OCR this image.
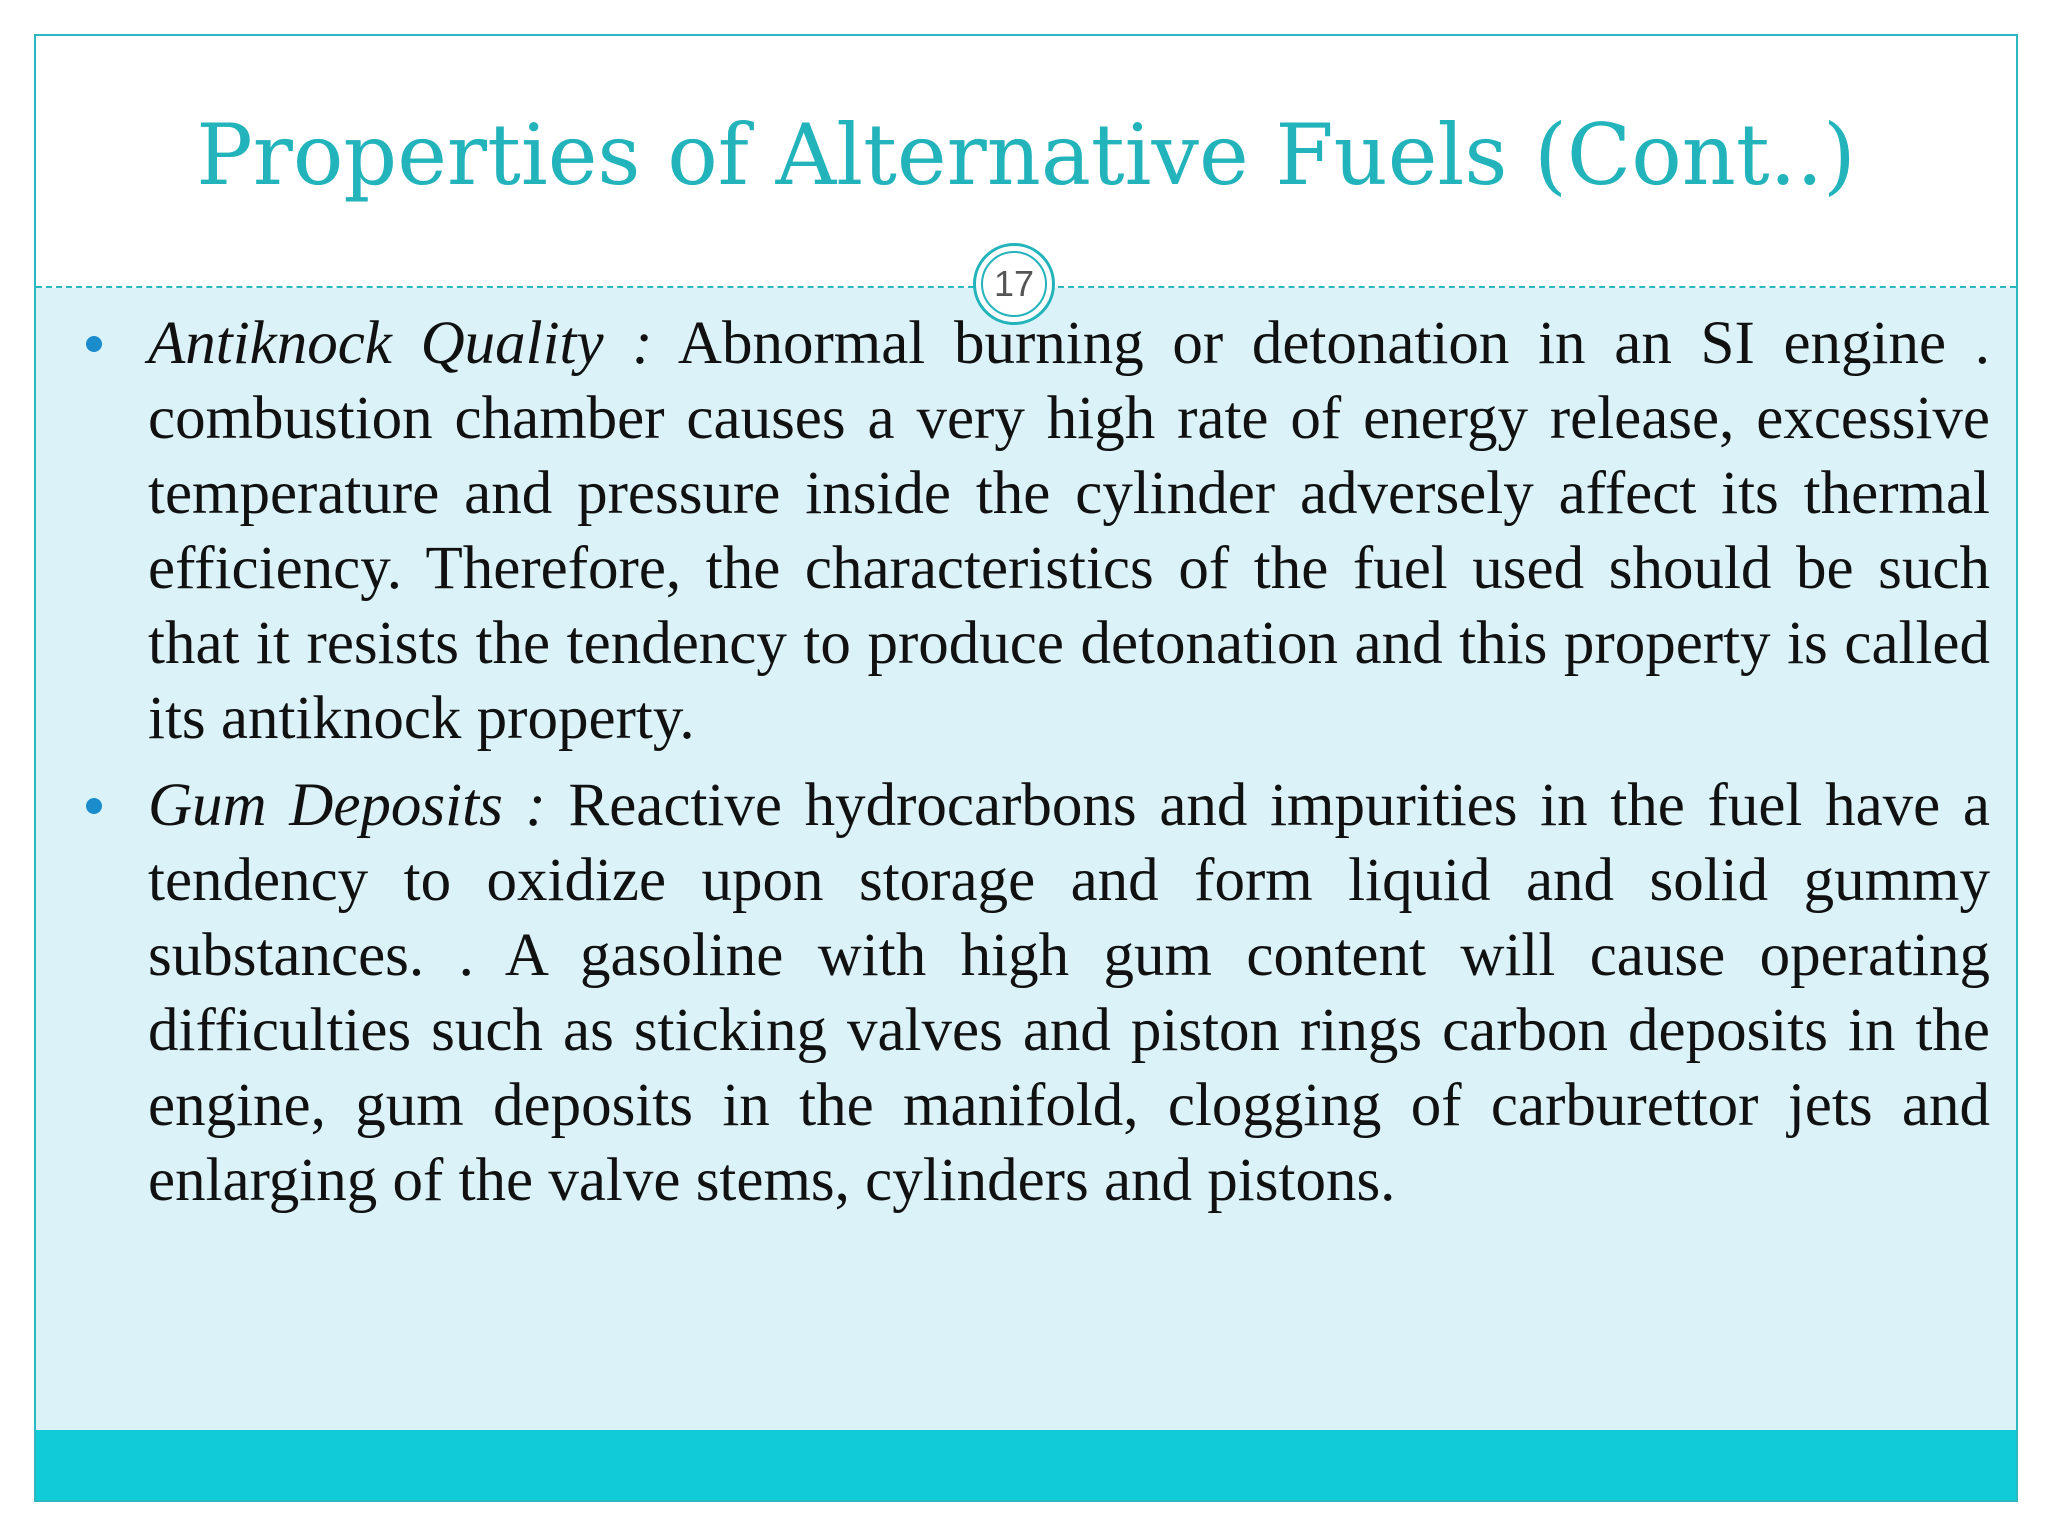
Properties of Alternative Fuels (Cont..)
17
Antiknock Quality : Abnormal burning or detonation in an SI engine . combustion chamber causes a very high rate of energy release, excessive temperature and pressure inside the cylinder adversely affect its thermal efficiency. Therefore, the characteristics of the fuel used should be such that it resists the tendency to produce detonation and this property is called its antiknock property.
Gum Deposits : Reactive hydrocarbons and impurities in the fuel have a tendency to oxidize upon storage and form liquid and solid gummy substances. . A gasoline with high gum content will cause operating difficulties such as sticking valves and piston rings carbon deposits in the engine, gum deposits in the manifold, clogging of carburettor jets and enlarging of the valve stems, cylinders and pistons.
